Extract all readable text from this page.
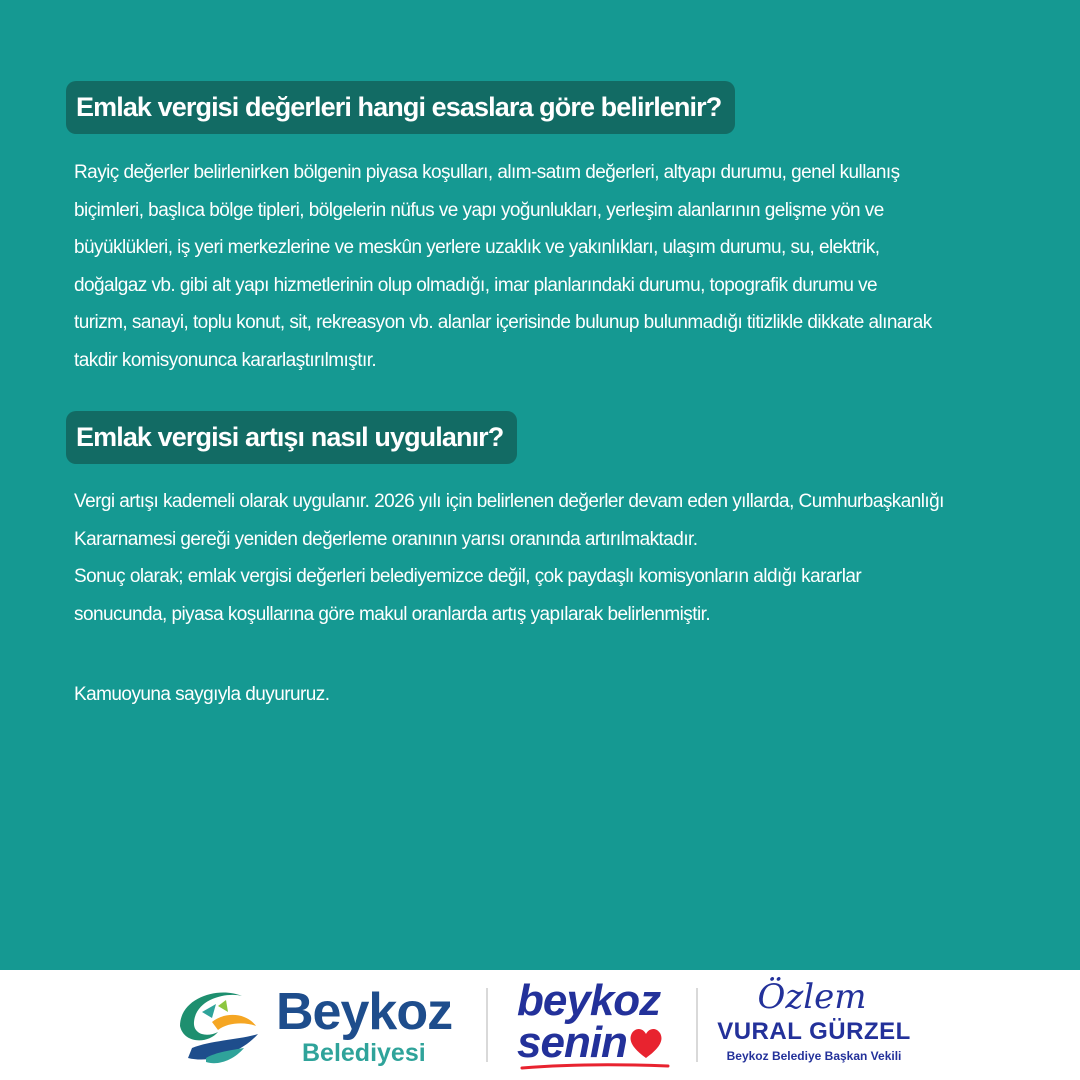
Emlak vergisi değerleri hangi esaslara göre belirlenir?

Rayiç değerler belirlenirken bölgenin piyasa koşulları, alım-satım değerleri, altyapı durumu, genel kullanış
biçimleri, başlıca bölge tipleri, bölgelerin nüfus ve yapı yoğunlukları, yerleşim alanlarının gelişme yön ve
büyüklükleri, iş yeri merkezlerine ve meskûn yerlere uzaklık ve yakınlıkları, ulaşım durumu, su, elektrik,
doğalgaz vb. gibi alt yapı hizmetlerinin olup olmadığı, imar planlarındaki durumu, topografik durumu ve
turizm, sanayi, toplu konut, sit, rekreasyon vb. alanlar içerisinde bulunup bulunmadığı titizlikle dikkate alınarak
takdir komisyonunca kararlaştırılmıştır.

Emlak vergisi artışı nasıl uygulanır?

Vergi artışı kademeli olarak uygulanır. 2026 yılı için belirlenen değerler devam eden yıllarda, Cumhurbaşkanlığı
Kararnamesi gereği yeniden değerleme oranının yarısı oranında artırılmaktadır.
Sonuç olarak; emlak vergisi değerleri belediyemizce değil, çok paydaşlı komisyonların aldığı kararlar
sonucunda, piyasa koşullarına göre makul oranlarda artış yapılarak belirlenmiştir.

Kamuoyuna saygıyla duyururuz.

Beykoz
Belediyesi
beykoz
senin
Özlem
VURAL GÜRZEL
Beykoz Belediye Başkan Vekili
